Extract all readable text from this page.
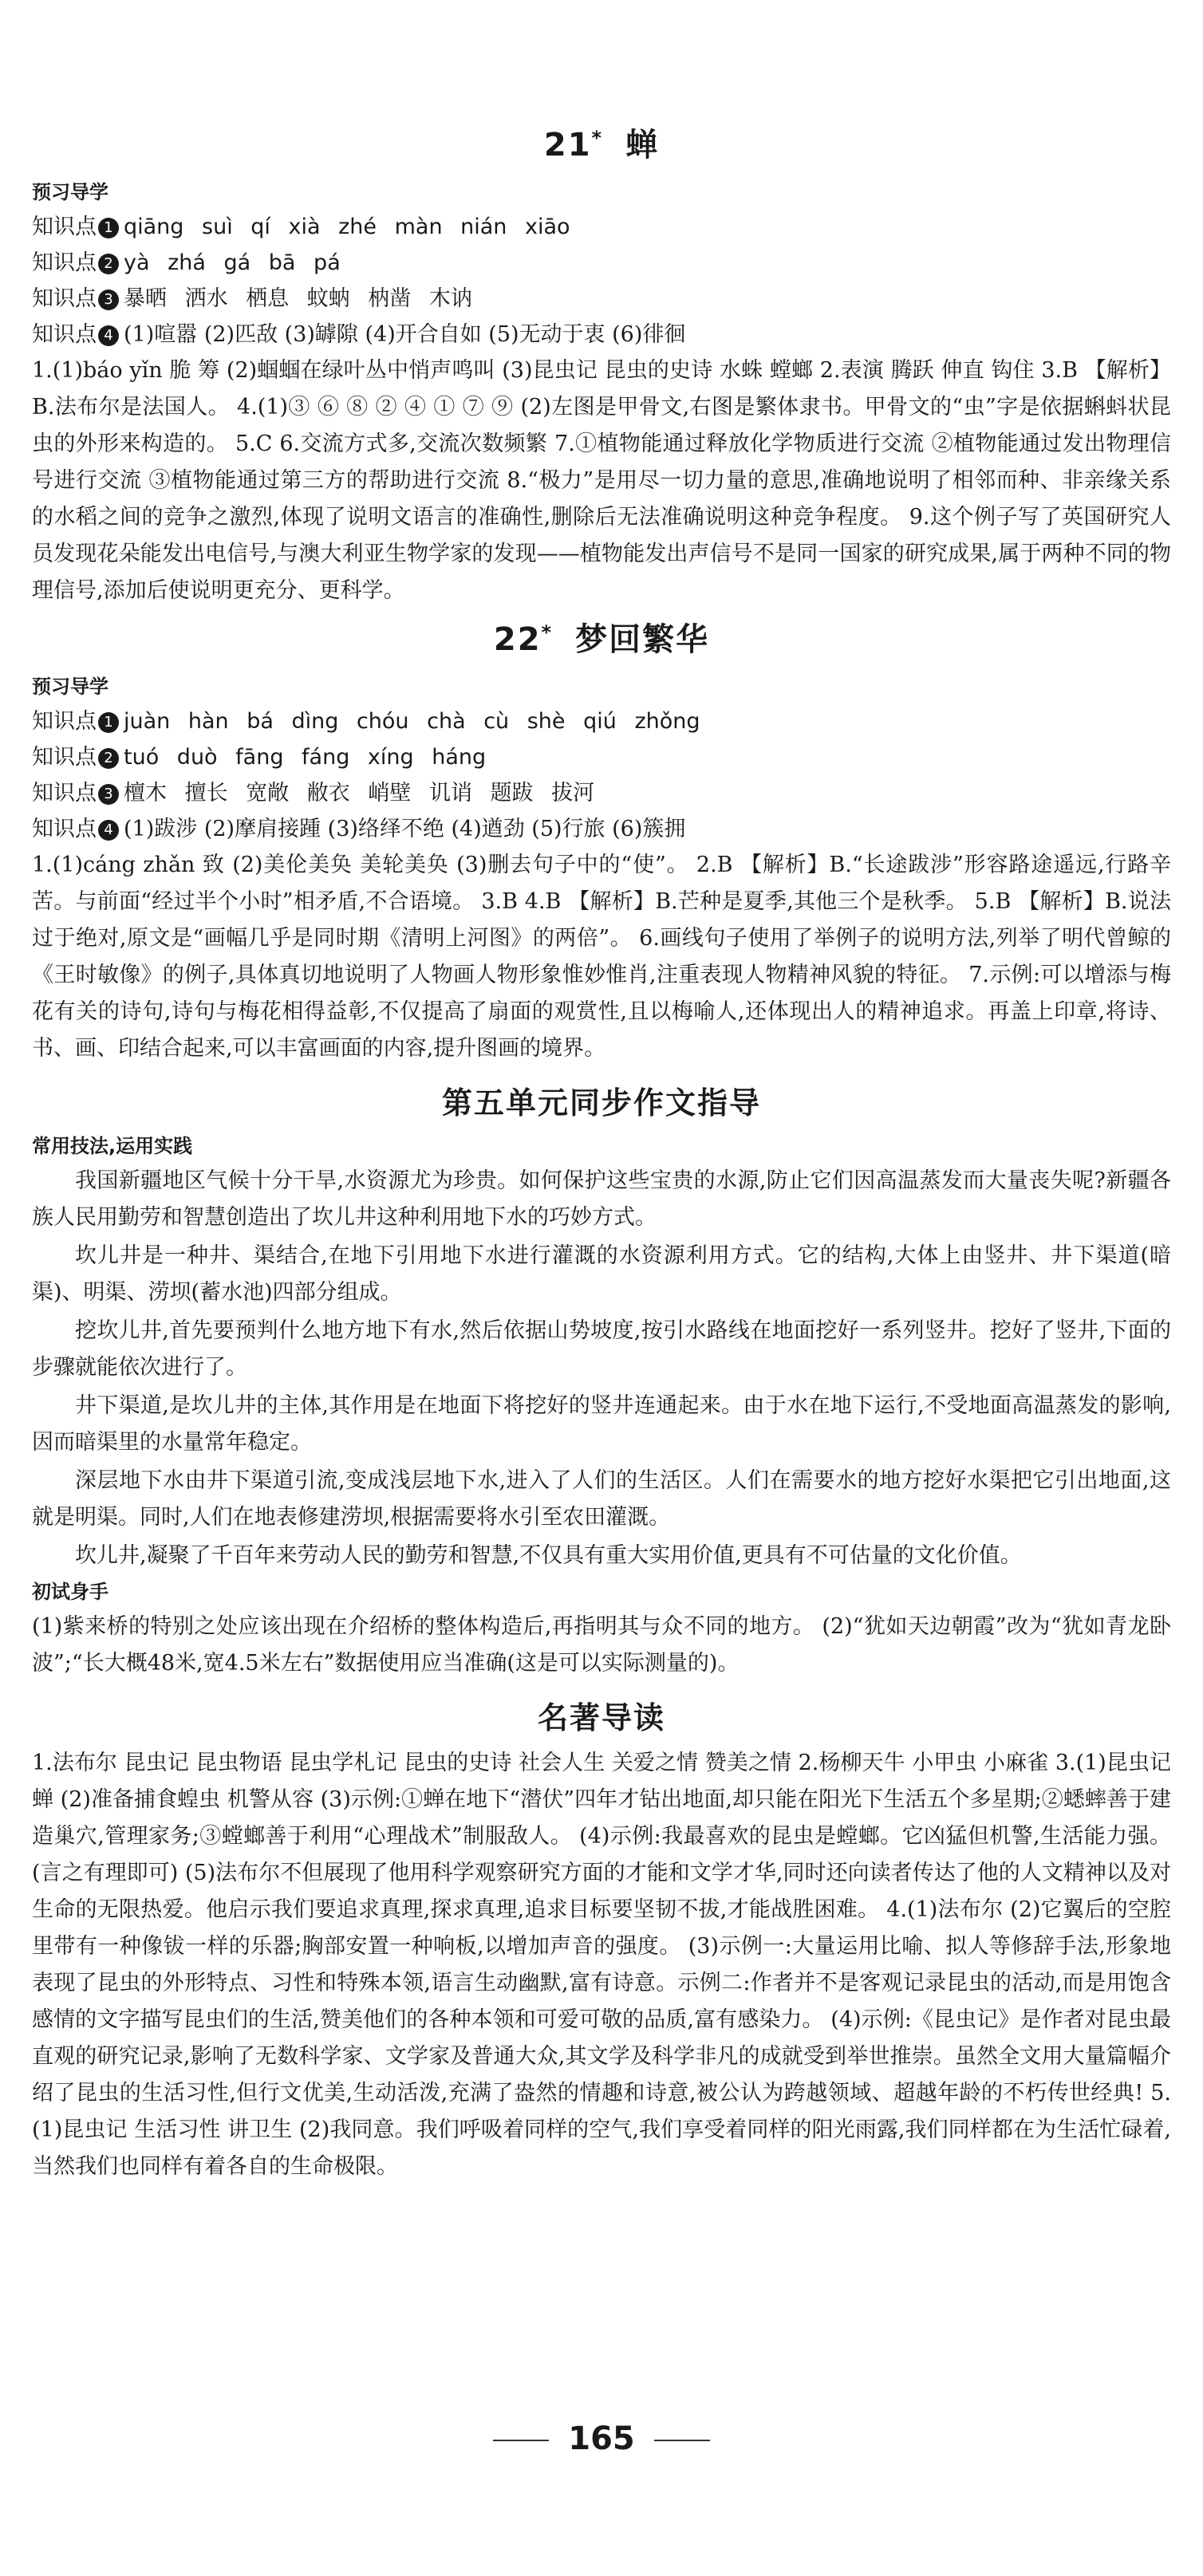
21* 蝉
预习导学

知识点 1 qiāng suì qí xià zhé màn nián xiāo

知识点 2 yà zhá gá bā pá

知识点 3 暴晒 洒水 栖息 蚊蚋 枘凿 木讷

知识点 4 (1)喧嚣 (2)匹敌 (3)罅隙 (4)开合自如 (5)无动于衷 (6)徘徊

1.(1)báo yǐn 脆 筹 (2)蝈蝈在绿叶丛中悄声鸣叫 (3)昆虫记 昆虫的史诗 水蛛 螳螂 2.表演 腾跃 伸直 钩住 3.B 【解析】B.法布尔是法国人。 4.(1)③ ⑥ ⑧ ② ④ ① ⑦ ⑨ (2)左图是甲骨文,右图是繁体隶书。甲骨文的“虫”字是依据蝌蚪状昆虫的外形来构造的。 5.C 6.交流方式多,交流次数频繁 7.①植物能通过释放化学物质进行交流 ②植物能通过发出物理信号进行交流 ③植物能通过第三方的帮助进行交流 8.“极力”是用尽一切力量的意思,准确地说明了相邻而种、非亲缘关系的水稻之间的竞争之激烈,体现了说明文语言的准确性,删除后无法准确说明这种竞争程度。 9.这个例子写了英国研究人员发现花朵能发出电信号,与澳大利亚生物学家的发现——植物能发出声信号不是同一国家的研究成果,属于两种不同的物理信号,添加后使说明更充分、更科学。

22* 梦回繁华
预习导学

知识点 1 juàn hàn bá dìng chóu chà cù shè qiú zhǒng

知识点 2 tuó duò fāng fáng xíng háng

知识点 3 檀木 擅长 宽敞 敝衣 峭壁 讥诮 题跋 拔河

知识点 4 (1)跋涉 (2)摩肩接踵 (3)络绎不绝 (4)遒劲 (5)行旅 (6)簇拥

1.(1)cáng zhǎn 致 (2)美伦美奂 美轮美奂 (3)删去句子中的“使”。 2.B 【解析】B.“长途跋涉”形容路途遥远,行路辛苦。与前面“经过半个小时”相矛盾,不合语境。 3.B 4.B 【解析】B.芒种是夏季,其他三个是秋季。 5.B 【解析】B.说法过于绝对,原文是“画幅几乎是同时期《清明上河图》的两倍”。 6.画线句子使用了举例子的说明方法,列举了明代曾鲸的《王时敏像》的例子,具体真切地说明了人物画人物形象惟妙惟肖,注重表现人物精神风貌的特征。 7.示例:可以增添与梅花有关的诗句,诗句与梅花相得益彰,不仅提高了扇面的观赏性,且以梅喻人,还体现出人的精神追求。再盖上印章,将诗、书、画、印结合起来,可以丰富画面的内容,提升图画的境界。

第五单元同步作文指导
常用技法,运用实践

我国新疆地区气候十分干旱,水资源尤为珍贵。如何保护这些宝贵的水源,防止它们因高温蒸发而大量丧失呢?新疆各族人民用勤劳和智慧创造出了坎儿井这种利用地下水的巧妙方式。

坎儿井是一种井、渠结合,在地下引用地下水进行灌溉的水资源利用方式。它的结构,大体上由竖井、井下渠道(暗渠)、明渠、涝坝(蓄水池)四部分组成。

挖坎儿井,首先要预判什么地方地下有水,然后依据山势坡度,按引水路线在地面挖好一系列竖井。挖好了竖井,下面的步骤就能依次进行了。

井下渠道,是坎儿井的主体,其作用是在地面下将挖好的竖井连通起来。由于水在地下运行,不受地面高温蒸发的影响,因而暗渠里的水量常年稳定。

深层地下水由井下渠道引流,变成浅层地下水,进入了人们的生活区。人们在需要水的地方挖好水渠把它引出地面,这就是明渠。同时,人们在地表修建涝坝,根据需要将水引至农田灌溉。

坎儿井,凝聚了千百年来劳动人民的勤劳和智慧,不仅具有重大实用价值,更具有不可估量的文化价值。

初试身手

(1)紫来桥的特别之处应该出现在介绍桥的整体构造后,再指明其与众不同的地方。 (2)“犹如天边朝霞”改为“犹如青龙卧波”;“长大概48米,宽4.5米左右”数据使用应当准确(这是可以实际测量的)。

名著导读

1.法布尔 昆虫记 昆虫物语 昆虫学札记 昆虫的史诗 社会人生 关爱之情 赞美之情 2.杨柳天牛 小甲虫 小麻雀 3.(1)昆虫记 蝉 (2)准备捕食蝗虫 机警从容 (3)示例:①蝉在地下“潜伏”四年才钻出地面,却只能在阳光下生活五个多星期;②蟋蟀善于建造巢穴,管理家务;③螳螂善于利用“心理战术”制服敌人。 (4)示例:我最喜欢的昆虫是螳螂。它凶猛但机警,生活能力强。(言之有理即可) (5)法布尔不但展现了他用科学观察研究方面的才能和文学才华,同时还向读者传达了他的人文精神以及对生命的无限热爱。他启示我们要追求真理,探求真理,追求目标要坚韧不拔,才能战胜困难。 4.(1)法布尔 (2)它翼后的空腔里带有一种像钹一样的乐器;胸部安置一种响板,以增加声音的强度。 (3)示例一:大量运用比喻、拟人等修辞手法,形象地表现了昆虫的外形特点、习性和特殊本领,语言生动幽默,富有诗意。示例二:作者并不是客观记录昆虫的活动,而是用饱含感情的文字描写昆虫们的生活,赞美他们的各种本领和可爱可敬的品质,富有感染力。 (4)示例:《昆虫记》是作者对昆虫最直观的研究记录,影响了无数科学家、文学家及普通大众,其文学及科学非凡的成就受到举世推崇。虽然全文用大量篇幅介绍了昆虫的生活习性,但行文优美,生动活泼,充满了盎然的情趣和诗意,被公认为跨越领域、超越年龄的不朽传世经典! 5.(1)昆虫记 生活习性 讲卫生 (2)我同意。我们呼吸着同样的空气,我们享受着同样的阳光雨露,我们同样都在为生活忙碌着,当然我们也同样有着各自的生命极限。

165
